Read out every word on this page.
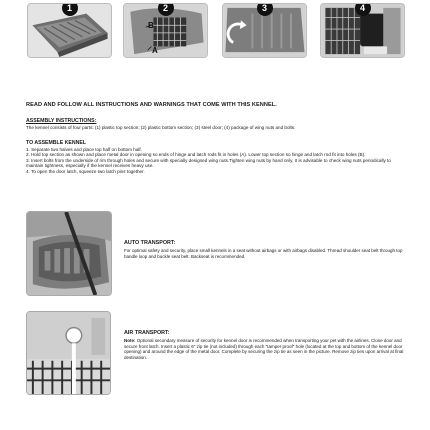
1	2
B
A
3	4
READ AND FOLLOW ALL INSTRUCTIONS AND WARNINGS THAT COME WITH THIS KENNEL.
ASSEMBLY INSTRUCTIONS:
The kennel consists of four parts: (1) plastic top section; (2) plastic bottom section; (3) steel door; (4) package of wing nuts and bolts.
TO ASSEMBLE KENNEL
1. Separate two halves and place top half on bottom half.
2. Hold top section as shown and place metal door in opening so ends of hinge and latch rods fit in holes (A). Lower top section so hinge and latch rod fit into holes (B).
3. Insert bolts from the underside of rim through holes and secure with specially designed wing nuts.Tighten wing nuts by hand only. It is advisable to check wing nuts periodically to maintain tightness, especially if the kennel receives heavy use.
4. To open the door latch, squeeze two latch pins together.
AUTO TRANSPORT:
For optimal safety and security, place small kennels in a seat without airbags or with airbags disabled. Thread shoulder seat belt through top handle loop and buckle seat belt. Backseat is recommended.
AIR TRANSPORT:
Note: Optional secondary measure of security for kennel door is recommended when transporting your pet with the airlines. Close door and secure front latch. Insert a plastic 6" zip tie (not included) through each "tamper proof" hole (located at the top and bottom of the kennel door opening) and around the edge of the metal door. Complete by securing the zip tie as seen in the picture. Remove zip ties upon arrival at final destination.
